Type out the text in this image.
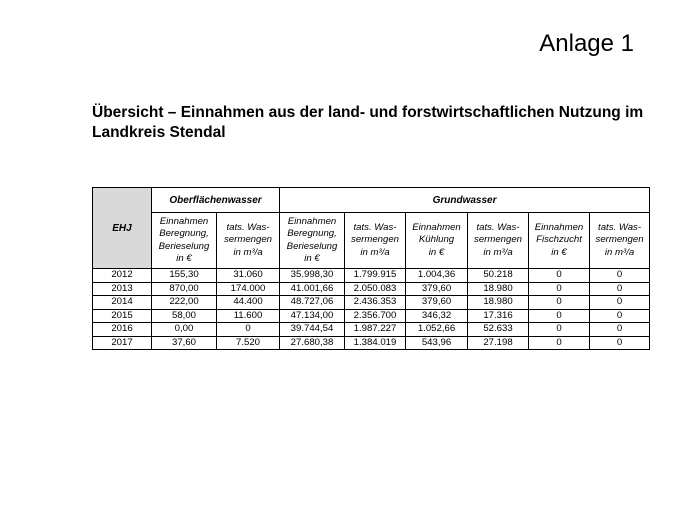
Anlage 1
Übersicht – Einnahmen aus der land- und forstwirtschaftlichen Nutzung im Landkreis Stendal
EHJ	Oberflächenwasser		Grundwasser					
	Einnahmen
Beregnung,
Berieselung
in €	tats. Was-
sermengen
in m³/a	Einnahmen
Beregnung,
Berieselung
in €	tats. Was-
sermengen
in m³/a	Einnahmen
Kühlung
in €	tats. Was-
sermengen
in m³/a	Einnahmen
Fischzucht
in €	tats. Was-
sermengen
in m³/a
2012	155,30	31.060	35.998,30	1.799.915	1.004,36	50.218	0	0
2013	870,00	174.000	41.001,66	2.050.083	379,60	18.980	0	0
2014	222,00	44.400	48.727,06	2.436.353	379,60	18.980	0	0
2015	58,00	11.600	47.134,00	2.356.700	346,32	17.316	0	0
2016	0,00	0	39.744,54	1.987.227	1.052,66	52.633	0	0
2017	37,60	7.520	27.680,38	1.384.019	543,96	27.198	0	0
